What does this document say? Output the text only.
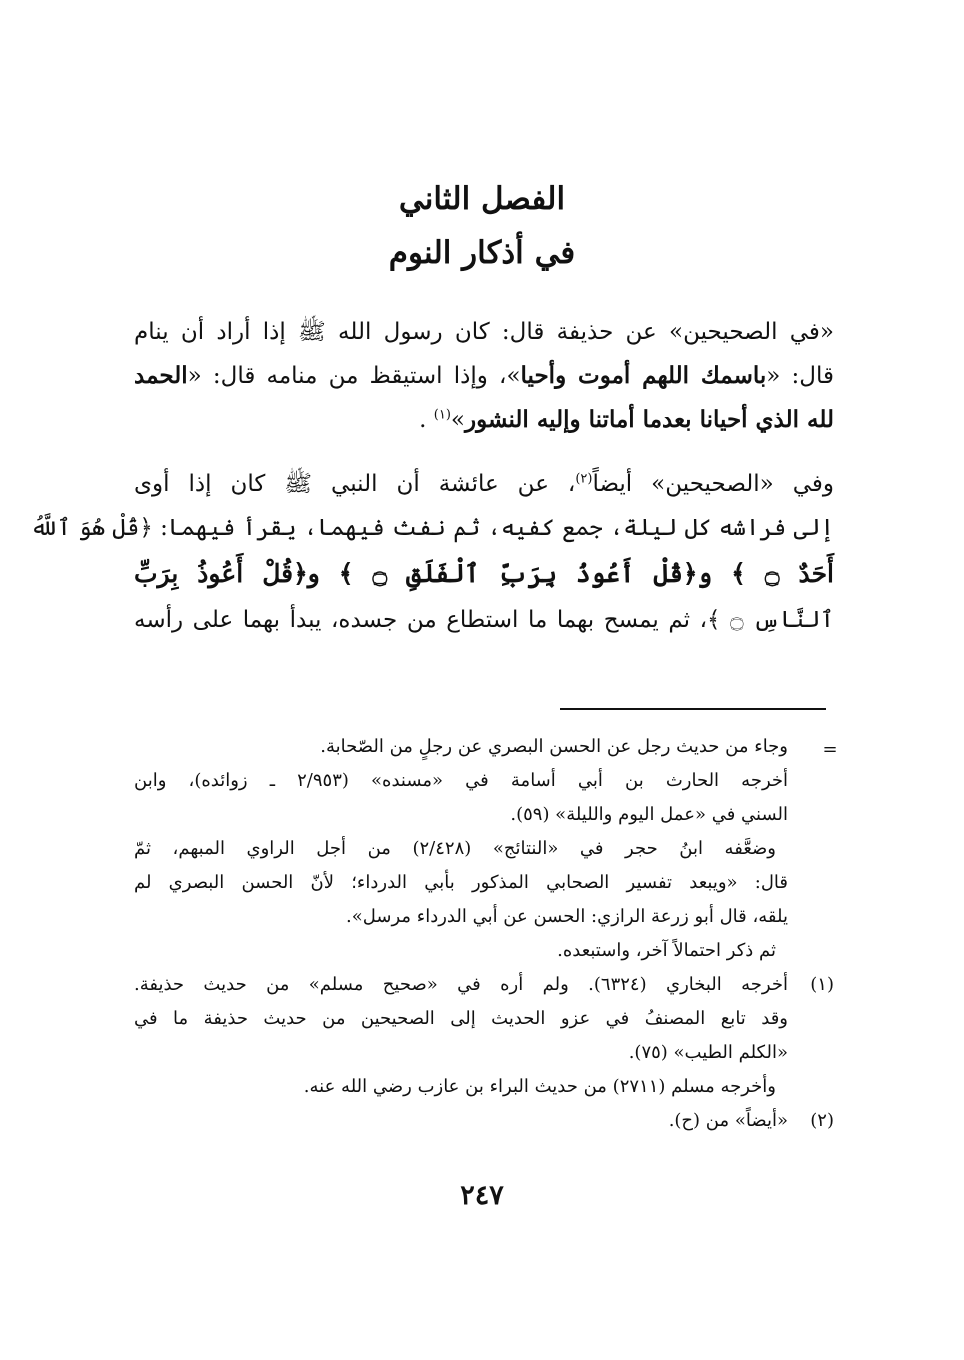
الفصل الثاني
في أذكار النوم
«في الصحيحين» عن حذيفة قال: كان رسول الله ﷺ إذا أراد أن ينام
قال: «باسمك اللهم أموت وأحيا»، وإذا استيقظ من منامه قال: «الحمد
لله الذي أحيانا بعدما أماتنا وإليه النشور»$^{(١)}$ .
وفي «الصحيحين» أيضاً$^{(٢)}$، عن عائشة أن النبي ﷺ كان إذا أوى
إلى فراشه كل ليلة، جمع كفيه، ثم نفث فيهما، يقرأ فيهما: ﴿قُلْ هُوَ ٱللَّهُ
أَحَدٌ ۝ ﴾ و﴿قُلْ أَعُوذُ بِرَبِّ ٱلْفَلَقِ ۝ ﴾ و﴿قُلْ أَعُوذُ بِرَبِّ
ٱلنَّاسِ ۝ ﴾، ثم يمسح بهما ما استطاع من جسده، يبدأ بهما على رأسه
=
وجاء من حديث رجل عن الحسن البصري عن رجلٍ من الصّحابة.
أخرجه الحارث بن أبي أسامة في «مسنده» (٢/٩٥٣ ـ زوائده)، وابن
السني في «عمل اليوم والليلة» (٥٩).
وضعَّفه ابنُ حجر في «النتائج» (٢/٤٢٨) من أجل الراوي المبهم، ثمّ
قال: «ويبعد تفسير الصحابي المذكور بأبي الدرداء؛ لأنّ الحسن البصري لم
يلقه، قال أبو زرعة الرازي: الحسن عن أبي الدرداء مرسل».
ثم ذكر احتمالاً آخر، واستبعده.
(١)
أخرجه البخاري (٦٣٢٤). ولم أره في «صحيح مسلم» من حديث حذيفة.
وقد تابع المصنفُ في عزو الحديث إلى الصحيحين من حديث حذيفة ما في
«الكلم الطيب» (٧٥).
وأخرجه مسلم (٢٧١١) من حديث البراء بن عازب رضي الله عنه.
(٢)
«أيضاً» من (ح).
٢٤٧
